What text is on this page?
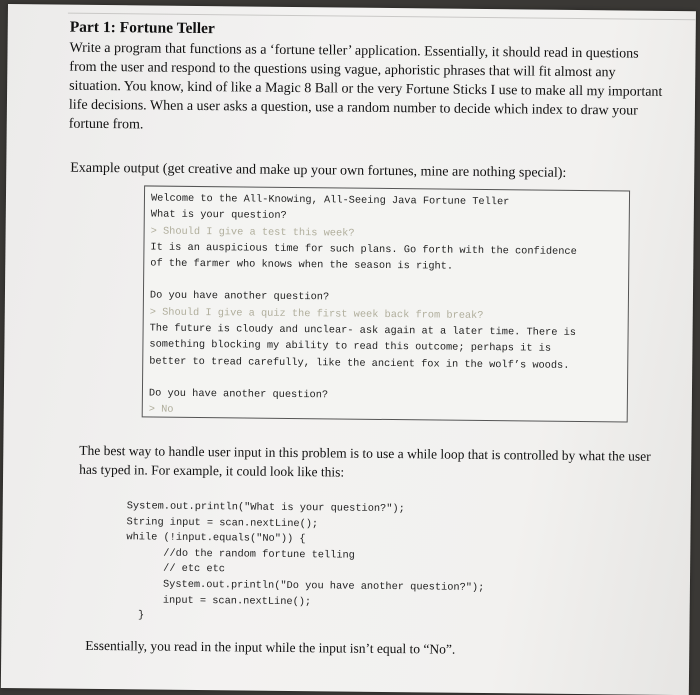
Part 1: Fortune Teller
Write a program that functions as a ‘fortune teller’ application. Essentially, it should read in questions
from the user and respond to the questions using vague, aphoristic phrases that will fit almost any
situation. You know, kind of like a Magic 8 Ball or the very Fortune Sticks I use to make all my important
life decisions. When a user asks a question, use a random number to decide which index to draw your
fortune from.
Example output (get creative and make up your own fortunes, mine are nothing special):
Welcome to the All-Knowing, All-Seeing Java Fortune Teller
What is your question?
> Should I give a test this week?
It is an auspicious time for such plans. Go forth with the confidence
of the farmer who knows when the season is right.
Do you have another question?
> Should I give a quiz the first week back from break?
The future is cloudy and unclear- ask again at a later time. There is
something blocking my ability to read this outcome; perhaps it is
better to tread carefully, like the ancient fox in the wolf’s woods.
Do you have another question?
> No
The best way to handle user input in this problem is to use a while loop that is controlled by what the user
has typed in. For example, it could look like this:
System.out.println("What is your question?");
String input = scan.nextLine();
while (!input.equals("No")) {
//do the random fortune telling
// etc etc
System.out.println("Do you have another question?");
input = scan.nextLine();
}
Essentially, you read in the input while the input isn’t equal to “No”.
